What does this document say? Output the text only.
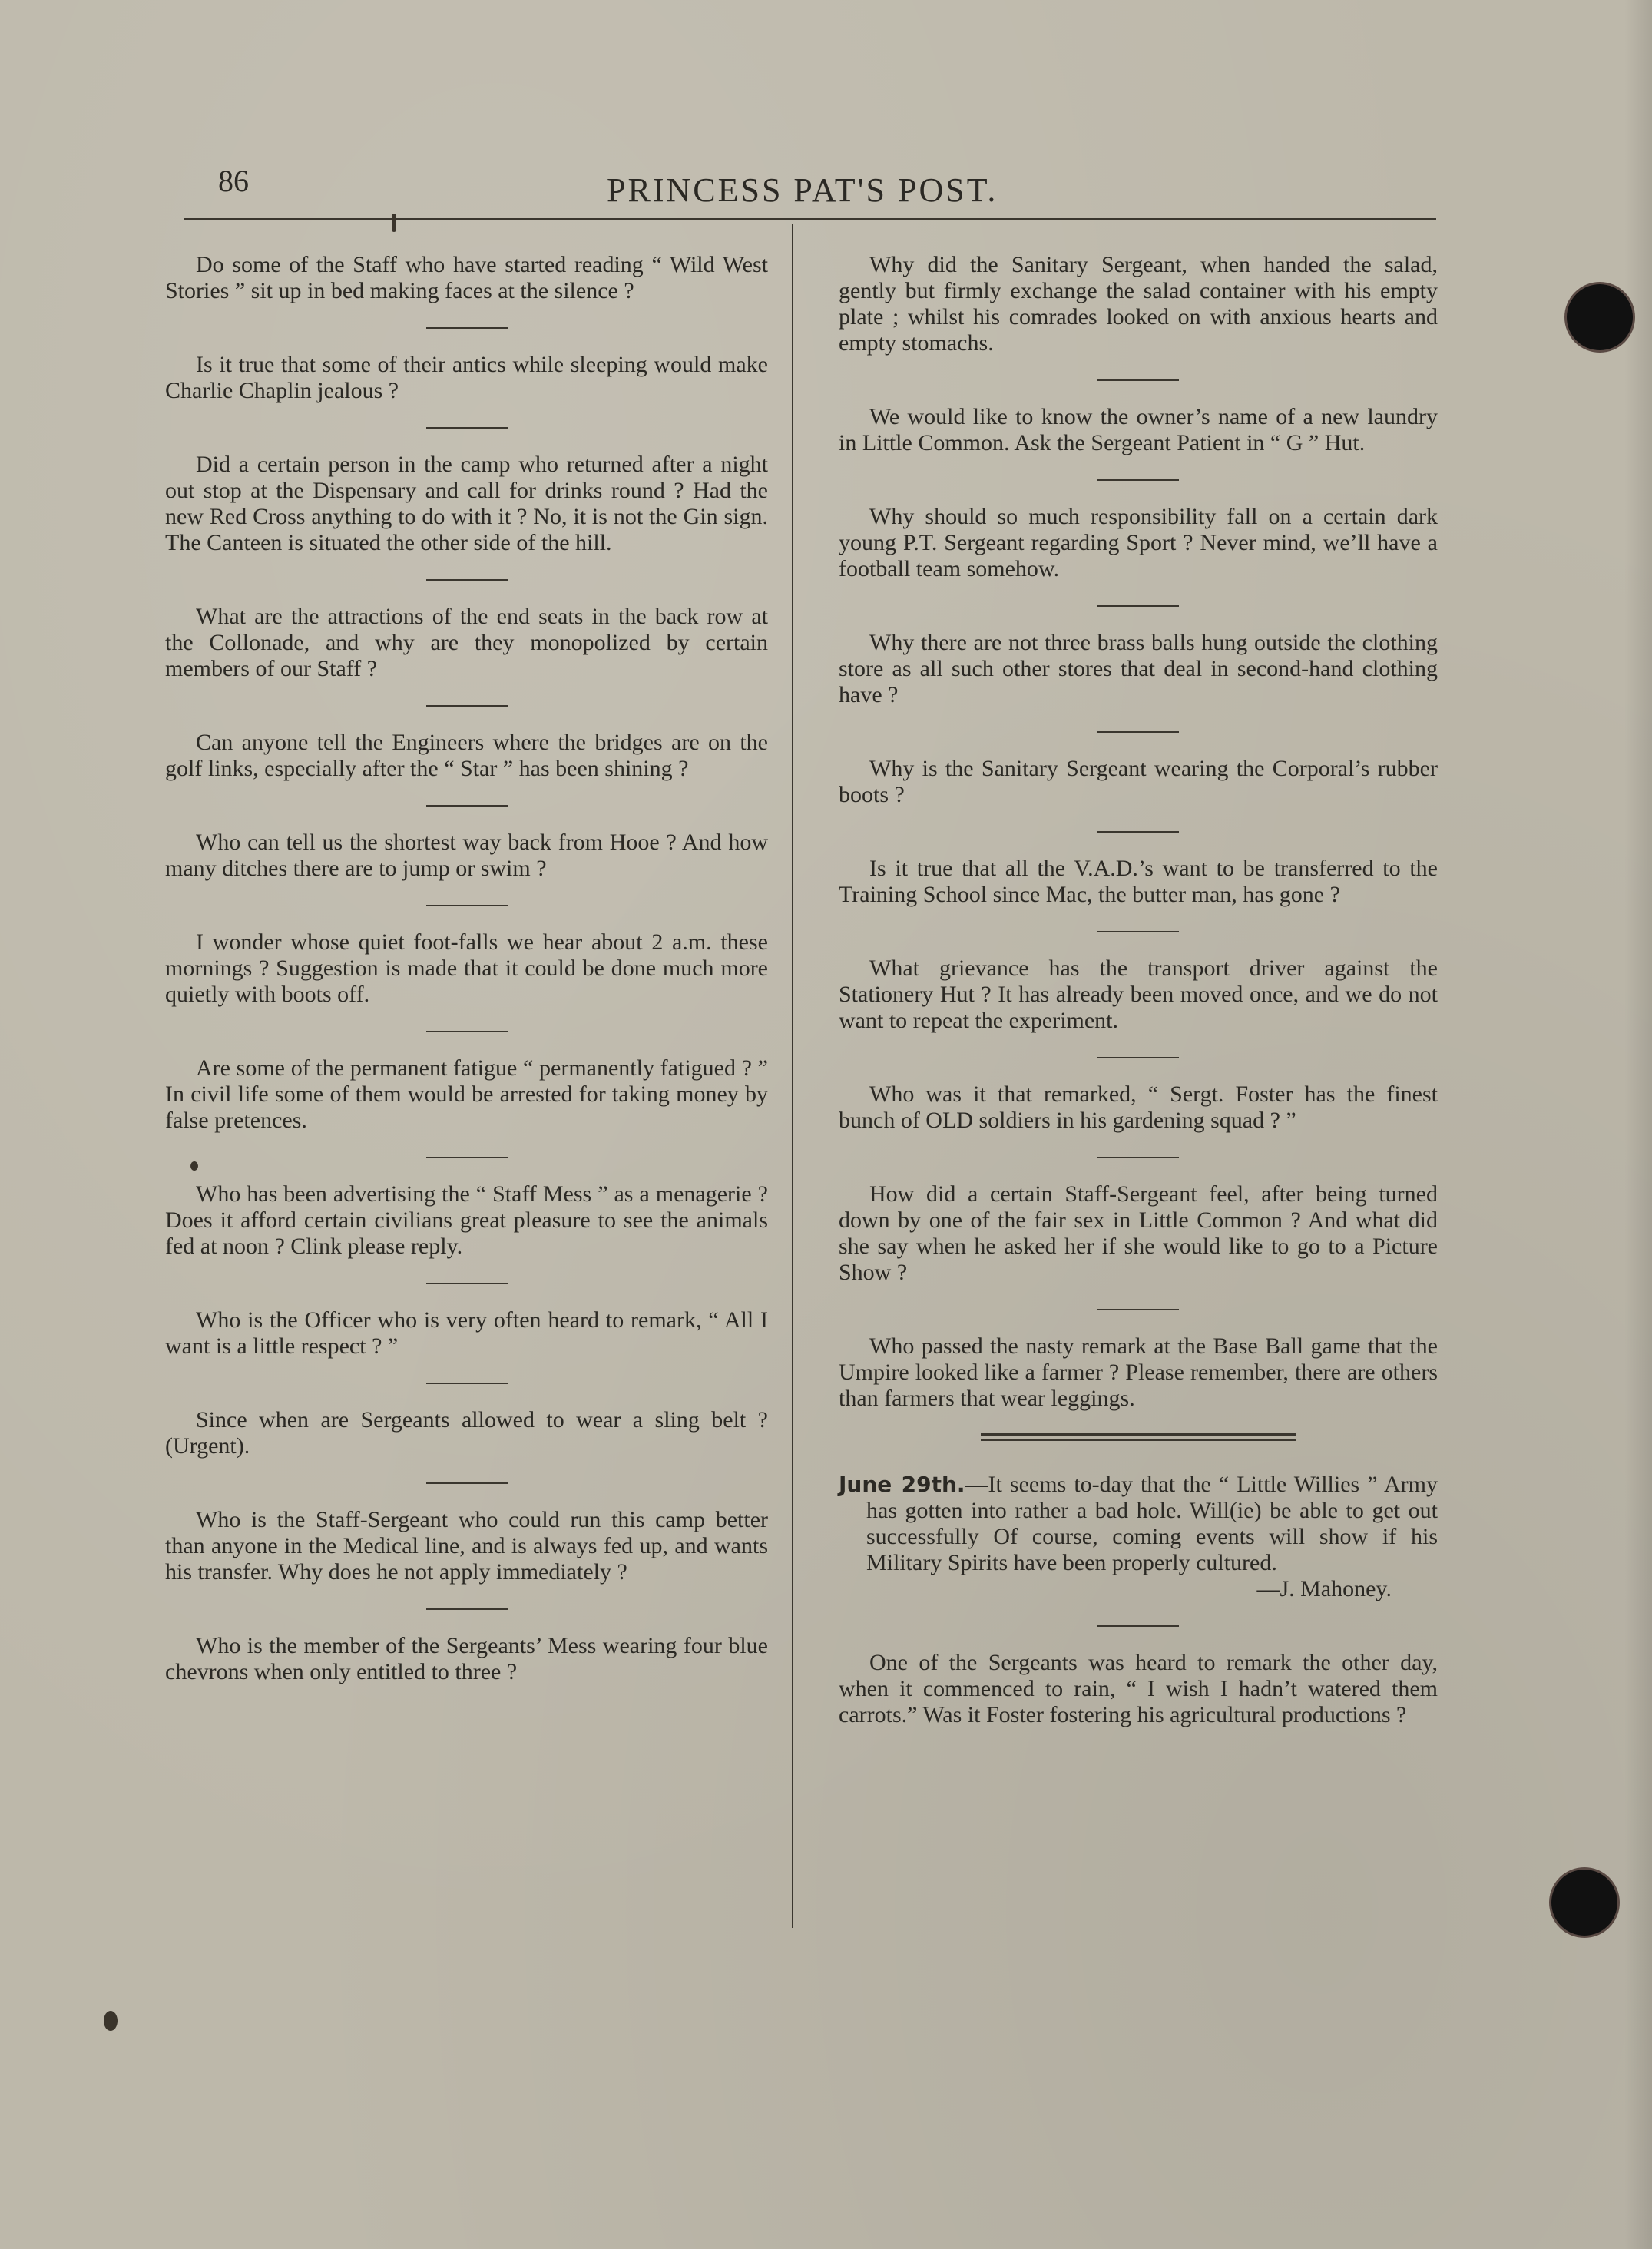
86	PRINCESS PAT'S POST.

Do some of the Staff who have started reading “ Wild West Stories ” sit up in bed making faces at the silence ?

Is it true that some of their antics while sleeping would make Charlie Chaplin jealous ?

Did a certain person in the camp who returned after a night out stop at the Dispensary and call for drinks round ? Had the new Red Cross anything to do with it ? No, it is not the Gin sign. The Canteen is situated the other side of the hill.

What are the attractions of the end seats in the back row at the Collonade, and why are they monopolized by certain members of our Staff ?

Can anyone tell the Engineers where the bridges are on the golf links, especially after the “ Star ” has been shining ?

Who can tell us the shortest way back from Hooe ? And how many ditches there are to jump or swim ?

I wonder whose quiet foot-falls we hear about 2 a.m. these mornings ? Suggestion is made that it could be done much more quietly with boots off.

Are some of the permanent fatigue “ permanently fatigued ? ” In civil life some of them would be arrested for taking money by false pretences.

Who has been advertising the “ Staff Mess ” as a menagerie ? Does it afford certain civilians great pleasure to see the animals fed at noon ? Clink please reply.

Who is the Officer who is very often heard to remark, “ All I want is a little respect ? ”

Since when are Sergeants allowed to wear a sling belt ? (Urgent).

Who is the Staff-Sergeant who could run this camp better than anyone in the Medical line, and is always fed up, and wants his transfer. Why does he not apply immediately ?

Who is the member of the Sergeants’ Mess wearing four blue chevrons when only entitled to three ?

Why did the Sanitary Sergeant, when handed the salad, gently but firmly exchange the salad container with his empty plate ; whilst his comrades looked on with anxious hearts and empty stomachs.

We would like to know the owner’s name of a new laundry in Little Common. Ask the Sergeant Patient in “ G ” Hut.

Why should so much responsibility fall on a certain dark young P.T. Sergeant regarding Sport ? Never mind, we’ll have a football team somehow.

Why there are not three brass balls hung outside the clothing store as all such other stores that deal in second-hand clothing have ?

Why is the Sanitary Sergeant wearing the Corporal’s rubber boots ?

Is it true that all the V.A.D.’s want to be transferred to the Training School since Mac, the butter man, has gone ?

What grievance has the transport driver against the Stationery Hut ? It has already been moved once, and we do not want to repeat the experiment.

Who was it that remarked, “ Sergt. Foster has the finest bunch of OLD soldiers in his gardening squad ? ”

How did a certain Staff-Sergeant feel, after being turned down by one of the fair sex in Little Common ? And what did she say when he asked her if she would like to go to a Picture Show ?

Who passed the nasty remark at the Base Ball game that the Umpire looked like a farmer ? Please remember, there are others than farmers that wear leggings.

June 29th.—It seems to-day that the “ Little Willies ” Army has gotten into rather a bad hole. Will(ie) be able to get out successfully Of course, coming events will show if his Military Spirits have been properly cultured.

—J. Mahoney.

One of the Sergeants was heard to remark the other day, when it commenced to rain, “ I wish I hadn’t watered them carrots.” Was it Foster fostering his agricultural productions ?
